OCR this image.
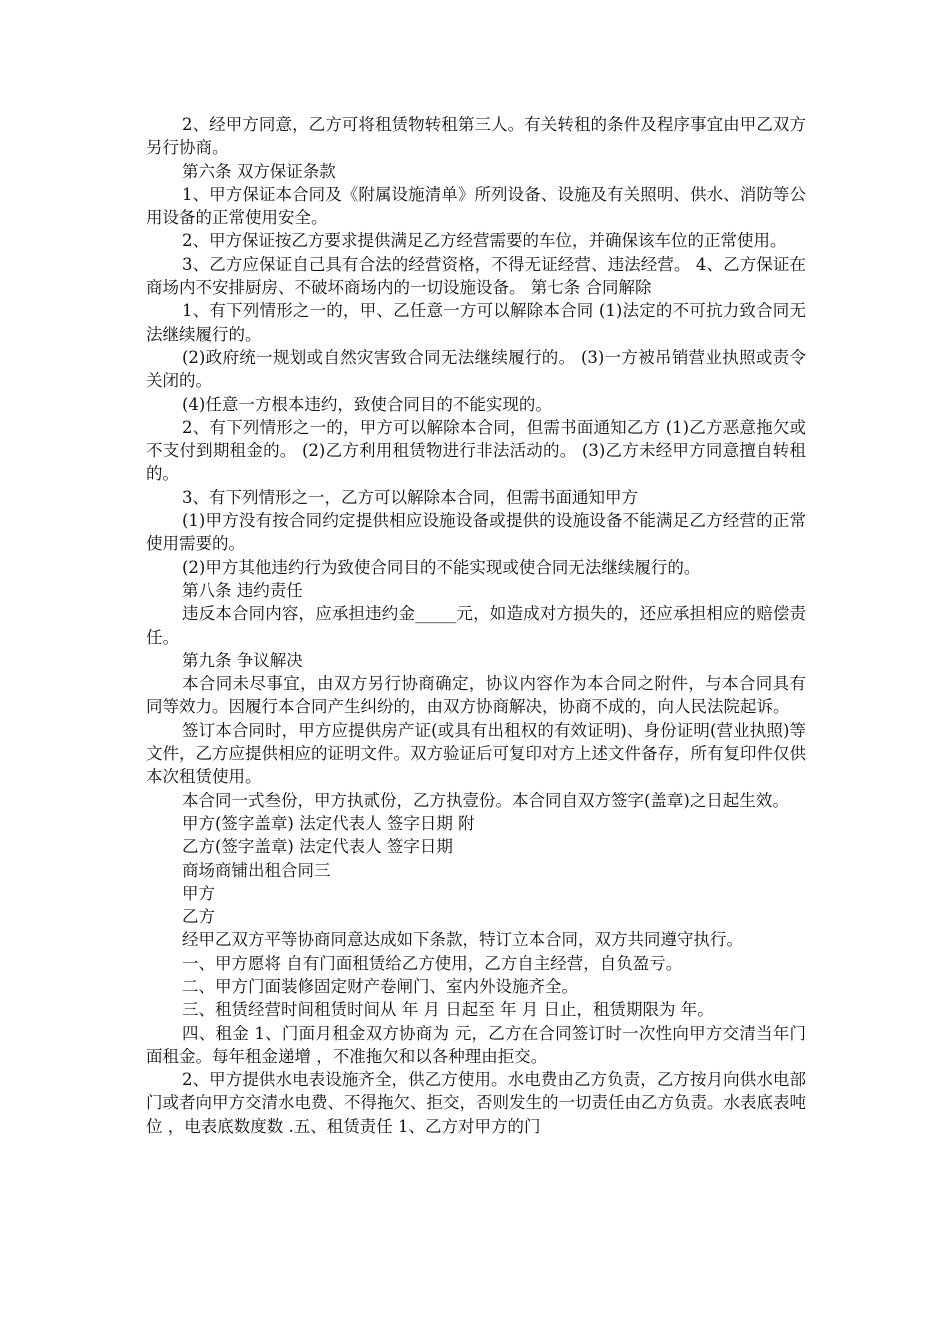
2、经甲方同意，乙方可将租赁物转租第三人。有关转租的条件及程序事宜由甲乙双方另行协商。

第六条 双方保证条款

1、甲方保证本合同及《附属设施清单》所列设备、设施及有关照明、供水、消防等公用设备的正常使用安全。

2、甲方保证按乙方要求提供满足乙方经营需要的车位，并确保该车位的正常使用。

3、乙方应保证自己具有合法的经营资格，不得无证经营、违法经营。 4、乙方保证在商场内不安排厨房、不破坏商场内的一切设施设备。 第七条 合同解除

1、有下列情形之一的，甲、乙任意一方可以解除本合同 (1)法定的不可抗力致合同无法继续履行的。

(2)政府统一规划或自然灾害致合同无法继续履行的。 (3)一方被吊销营业执照或责令关闭的。

(4)任意一方根本违约，致使合同目的不能实现的。

2、有下列情形之一的，甲方可以解除本合同，但需书面通知乙方 (1)乙方恶意拖欠或不支付到期租金的。 (2)乙方利用租赁物进行非法活动的。 (3)乙方未经甲方同意擅自转租的。

3、有下列情形之一，乙方可以解除本合同，但需书面通知甲方

(1)甲方没有按合同约定提供相应设施设备或提供的设施设备不能满足乙方经营的正常使用需要的。

(2)甲方其他违约行为致使合同目的不能实现或使合同无法继续履行的。

第八条 违约责任

违反本合同内容，应承担违约金_____元，如造成对方损失的，还应承担相应的赔偿责任。

第九条 争议解决

本合同未尽事宜，由双方另行协商确定，协议内容作为本合同之附件，与本合同具有同等效力。因履行本合同产生纠纷的，由双方协商解决，协商不成的，向人民法院起诉。

签订本合同时，甲方应提供房产证(或具有出租权的有效证明)、身份证明(营业执照)等文件，乙方应提供相应的证明文件。双方验证后可复印对方上述文件备存，所有复印件仅供本次租赁使用。

本合同一式叁份，甲方执贰份，乙方执壹份。本合同自双方签字(盖章)之日起生效。

甲方(签字盖章) 法定代表人 签字日期 附

乙方(签字盖章) 法定代表人 签字日期

商场商铺出租合同三

甲方

乙方

经甲乙双方平等协商同意达成如下条款，特订立本合同，双方共同遵守执行。

一、甲方愿将 自有门面租赁给乙方使用，乙方自主经营，自负盈亏。

二、甲方门面装修固定财产卷闸门、室内外设施齐全。

三、租赁经营时间租赁时间从 年 月 日起至 年 月 日止，租赁期限为 年。

四、租金 1、门面月租金双方协商为 元，乙方在合同签订时一次性向甲方交清当年门面租金。每年租金递增 ，不准拖欠和以各种理由拒交。

2、甲方提供水电表设施齐全，供乙方使用。水电费由乙方负责，乙方按月向供水电部门或者向甲方交清水电费、不得拖欠、拒交，否则发生的一切责任由乙方负责。水表底表吨位 ，电表底数度数 .五、租赁责任 1、乙方对甲方的门
